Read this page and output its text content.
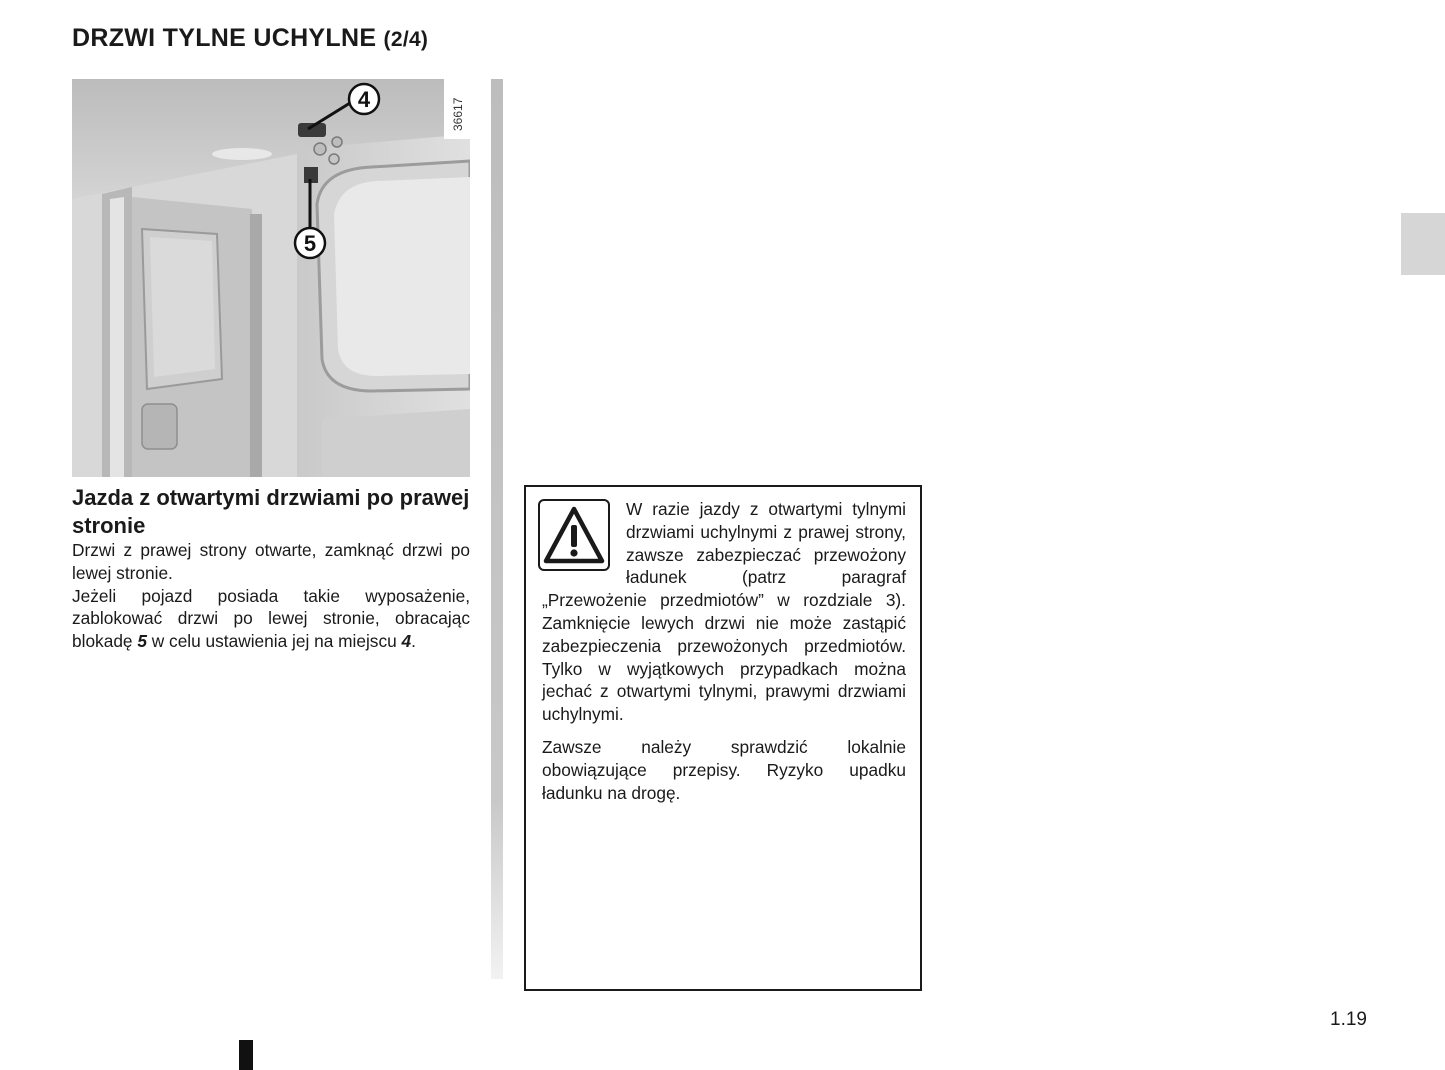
DRZWI TYLNE UCHYLNE (2/4)
4
5
36617
Jazda z otwartymi drzwiami po prawej stronie

Drzwi z prawej strony otwarte, zamknąć drzwi po lewej stronie.

Jeżeli pojazd posiada takie wyposażenie, zablokować drzwi po lewej stronie, obracając blokadę 5 w celu ustawienia jej na miejscu 4.

W razie jazdy z otwartymi tylnymi drzwiami uchylnymi z prawej strony, zawsze zabezpieczać przewożony ładunek (patrz paragraf „Przewożenie przedmiotów” w rozdziale 3). Zamknięcie lewych drzwi nie może zastąpić zabezpieczenia przewożonych przedmiotów. Tylko w wyjątkowych przypadkach można jechać z otwartymi tylnymi, prawymi drzwiami uchylnymi.

Zawsze należy sprawdzić lokalnie obowiązujące przepisy. Ryzyko upadku ładunku na drogę.

1.19
